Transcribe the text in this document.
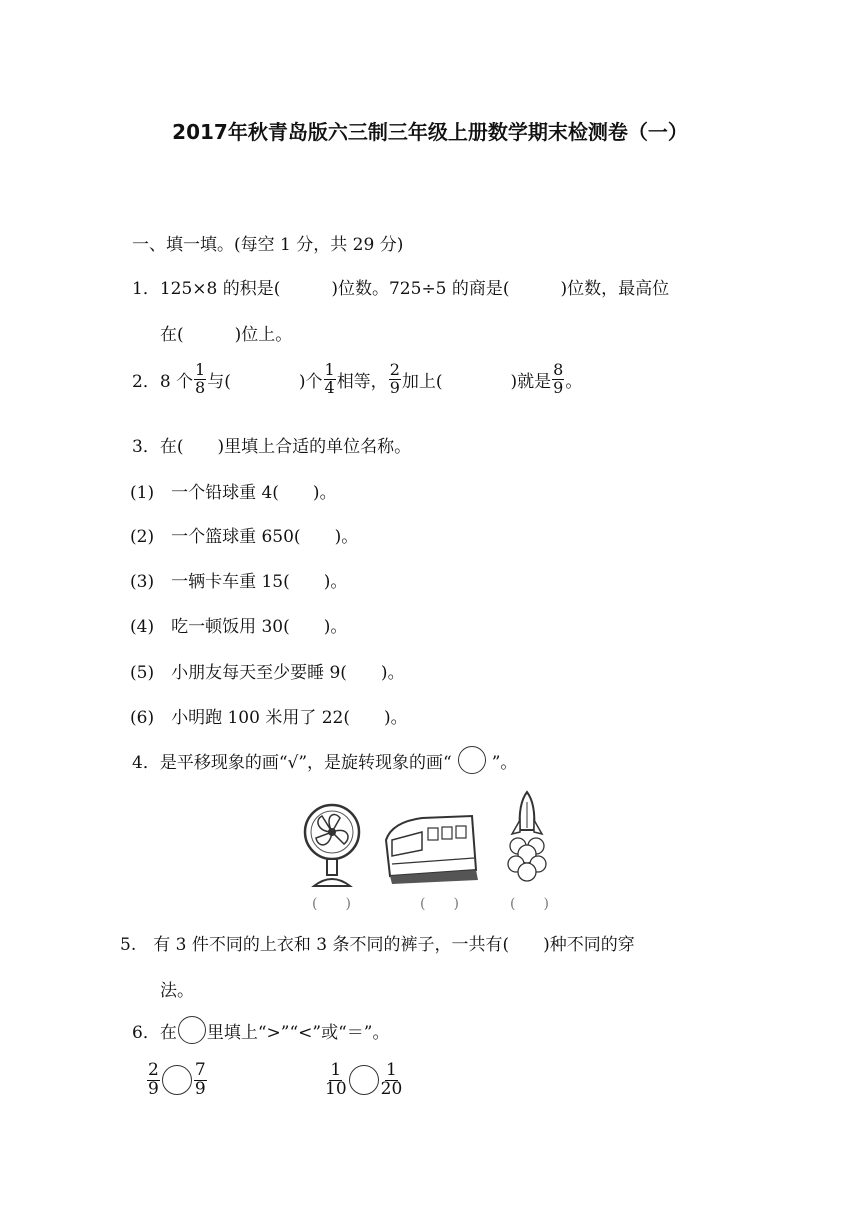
2017年秋青岛版六三制三年级上册数学期末检测卷（一）
一、填一填。(每空 1 分，共 29 分)
1．125×8 的积是(　　　)位数。725÷5 的商是(　　　)位数，最高位
在(　　　)位上。
2．8 个 $\frac{1}{8}$ 与(　　　　)个 $\frac{1}{4}$ 相等， $\frac{2}{9}$ 加上(　　　　)就是 $\frac{8}{9}$ 。
3．在(　　)里填上合适的单位名称。
(1)　一个铅球重 4(　　)。
(2)　一个篮球重 650(　　)。
(3)　一辆卡车重 15(　　)。
(4)　吃一顿饭用 30(　　)。
(5)　小朋友每天至少要睡 9(　　)。
(6)　小明跑 100 米用了 22(　　)。
4．是平移现象的画“√”，是旋转现象的画“ ”。
(　　)	(　　)	(　　)
5.　有 3 件不同的上衣和 3 条不同的裤子，一共有(　　)种不同的穿
法。
6．在 里填上“>”“<”或“＝”。
$\frac{2}{9} \frac{7}{9}$	$\frac{1}{10} \frac{1}{20}$
